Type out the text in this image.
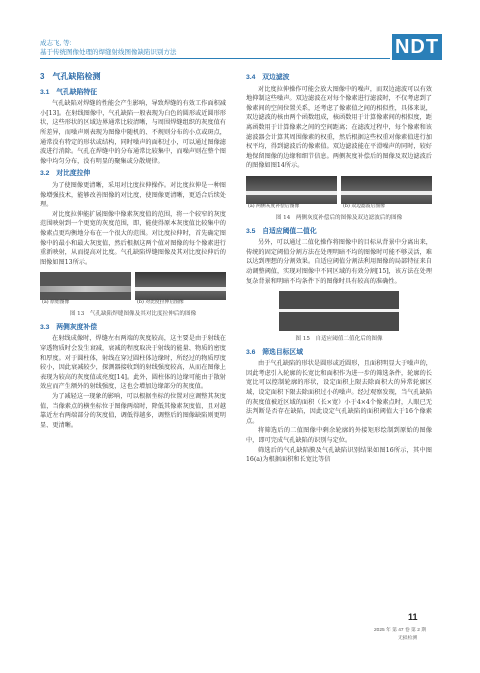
成志飞, 等:
基于传统图像处理的焊缝射线图像缺陷识别方法	NDT
3　气孔缺陷检测
3.1　气孔缺陷特征

气孔缺陷对焊缝的性能会产生影响，导致焊缝的有效工作面积减小[13]。在射线图像中，气孔缺陷一般表现为白色的圆形或近圆形形状，这些形状的区域边界通常比较清晰，与周围焊缝组织的灰度值有所差异，而噪声则表现为图像中随机的、不规则分布的小点或斑点，通常没有特定的形状或结构，同时噪声的面积过小，可以通过图像滤波进行消除。气孔在焊缝中的分布通常比较集中，而噪声则在整个图像中均匀分布，没有明显的聚集或分散规律。

3.2　对比度拉伸

为了使图像更清晰，采用对比度拉伸操作。对比度拉伸是一种图像增强技术，能够改善图像的对比度，使图像更清晰，更适合后续处理。

对比度拉伸能扩展图像中像素灰度值的范围，将一个较窄的灰度范围映射到一个更宽的灰度范围，即，能使得原本灰度值比较集中的像素点更均衡地分布在一个很大的范围。对比度拉伸时，首先确定图像中的最小和最大灰度值，然后根据这两个值对图像的每个像素进行重新映射，从而提高对比度。气孔缺陷焊缝图像及其对比度拉伸后的图像如图13所示。

(a) 原始图像	(b) 对比度拉伸后图像
图 13　气孔缺陷焊缝图像及其对比度拉伸后的图像
3.3　两侧灰度补偿

在射线成像时，焊缝左右两端的灰度较高，这主要是由于射线在穿透物质时会发生衰减，衰减的程度取决于射线的能量、物质的密度和厚度。对于圆柱体，射线在穿过圆柱体边缘时，所经过的物质厚度较小，因此衰减较少，探测器接收到的射线强度较高，从而在图像上表现为较高的灰度值或亮度[14]。此外，圆柱体的边缘可能由于散射效应而产生额外的射线强度，这也会增加边缘部分的灰度值。

为了减轻这一现象的影响，可以根据坐标的位置对应调整其灰度值，当像素点的横坐标位于图像两端时，降低其像素灰度值，且对越靠近左右两端部分的灰度值，调低得越多，调整后的图像缺陷则更明显、更清晰。

3.4　双边滤波

对比度拉伸操作可能会放大图像中的噪声，而双边滤波可以有效地抑制这些噪声。双边滤波在对每个像素进行滤波时，不仅考虑到了像素间的空间位置关系，还考虑了像素值之间的相似性，具体来说，双边滤波的核由两个函数组成，核函数用于计算像素间的相似度，距离函数用于计算像素之间的空间距离；在滤波过程中，每个像素和该滤波器会计算其周围像素的权重，然后根据这些权重对像素值进行加权平均，得到滤波后的像素值。双边滤波能在平滑噪声的同时，较好地保留图像的边缘和细节信息。两侧灰度补偿后的图像及双边滤波后的图像如图14所示。

(a) 两侧灰度补偿后图像	(b) 双边滤波后图像
图 14　两侧灰度补偿后的图像及双边滤波后的图像
3.5　自适应阈值二值化

另外，可以通过二值化操作将图像中的目标从背景中分离出来，传统的固定阈值分割方法在处理明暗不均的图像时可能不够灵活，难以达到理想的分割效果。自适应阈值分割法利用图像的局部特征来自动调整阈值，实现对图像中不同区域的有效分割[15]，该方法在处理复杂背景和明暗不均条件下的图像时具有较高的准确性。

图 15　自适应阈值二值化后的图像
3.6　筛选目标区域

由于气孔缺陷的形状是圆形或近圆形，且面积明显大于噪声的，因此考虑引入轮廓的长宽比和面积作为进一步的筛选条件，轮廓的长宽比可以控制轮廓的形状，设定面积上限去除面积大的异常轮廓区域，设定面积下限去除面积过小的噪声。经过观察发现，当气孔缺陷的灰度值被近区域的面积（长×宽）小于4×4个像素点时，人眼已无法判断是否存在缺陷，因此设定气孔缺陷的面积阈值大于16个像素点。

将筛选后的二值图像中剩余轮廓的外接矩形绘制到原始的图像中，即可完成气孔缺陷的识别与定位。

筛选后的气孔缺陷膜及气孔缺陷识别结果如图16所示，其中图16(a)为根据面积和长宽比等信

11
2025 年 第 47 卷 第 2 期
无损检测
